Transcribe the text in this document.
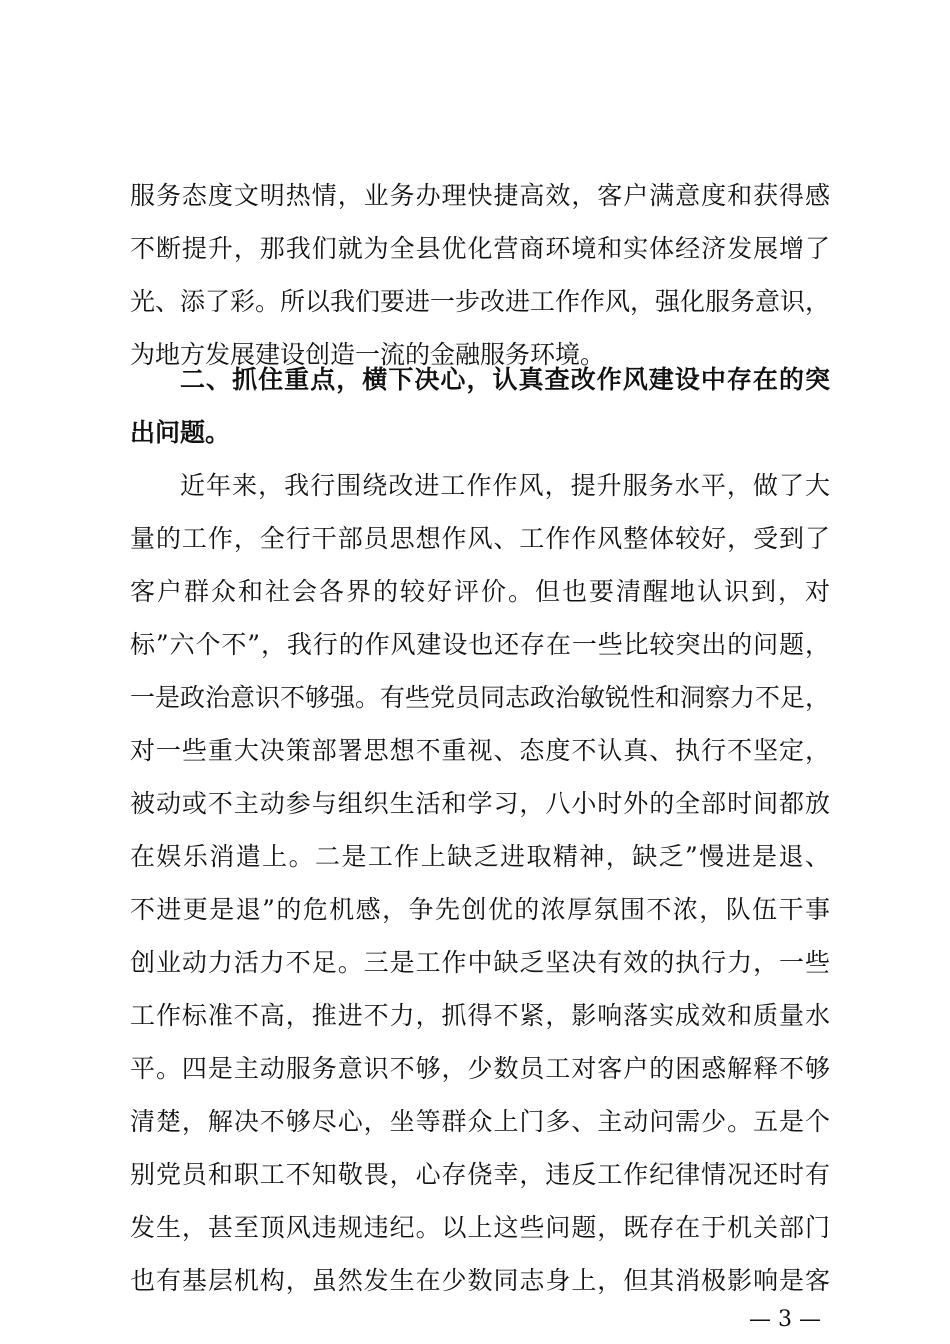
服务态度文明热情，业务办理快捷高效，客户满意度和获得感
不断提升，那我们就为全县优化营商环境和实体经济发展增了
光、添了彩。所以我们要进一步改进工作作风，强化服务意识，
为地方发展建设创造一流的金融服务环境。
二、抓住重点，横下决心，认真查改作风建设中存在的突
出问题。
近年来，我行围绕改进工作作风，提升服务水平，做了大
量的工作，全行干部员思想作风、工作作风整体较好，受到了
客户群众和社会各界的较好评价。但也要清醒地认识到，对
标”六个不”，我行的作风建设也还存在一些比较突出的问题，
一是政治意识不够强。有些党员同志政治敏锐性和洞察力不足，
对一些重大决策部署思想不重视、态度不认真、执行不坚定，
被动或不主动参与组织生活和学习，八小时外的全部时间都放
在娱乐消遣上。二是工作上缺乏进取精神，缺乏”慢进是退、
不进更是退”的危机感，争先创优的浓厚氛围不浓，队伍干事
创业动力活力不足。三是工作中缺乏坚决有效的执行力，一些
工作标准不高，推进不力，抓得不紧，影响落实成效和质量水
平。四是主动服务意识不够，少数员工对客户的困惑解释不够
清楚，解决不够尽心，坐等群众上门多、主动问需少。五是个
别党员和职工不知敬畏，心存侥幸，违反工作纪律情况还时有
发生，甚至顶风违规违纪。以上这些问题，既存在于机关部门
也有基层机构，虽然发生在少数同志身上，但其消极影响是客
— 3 —
